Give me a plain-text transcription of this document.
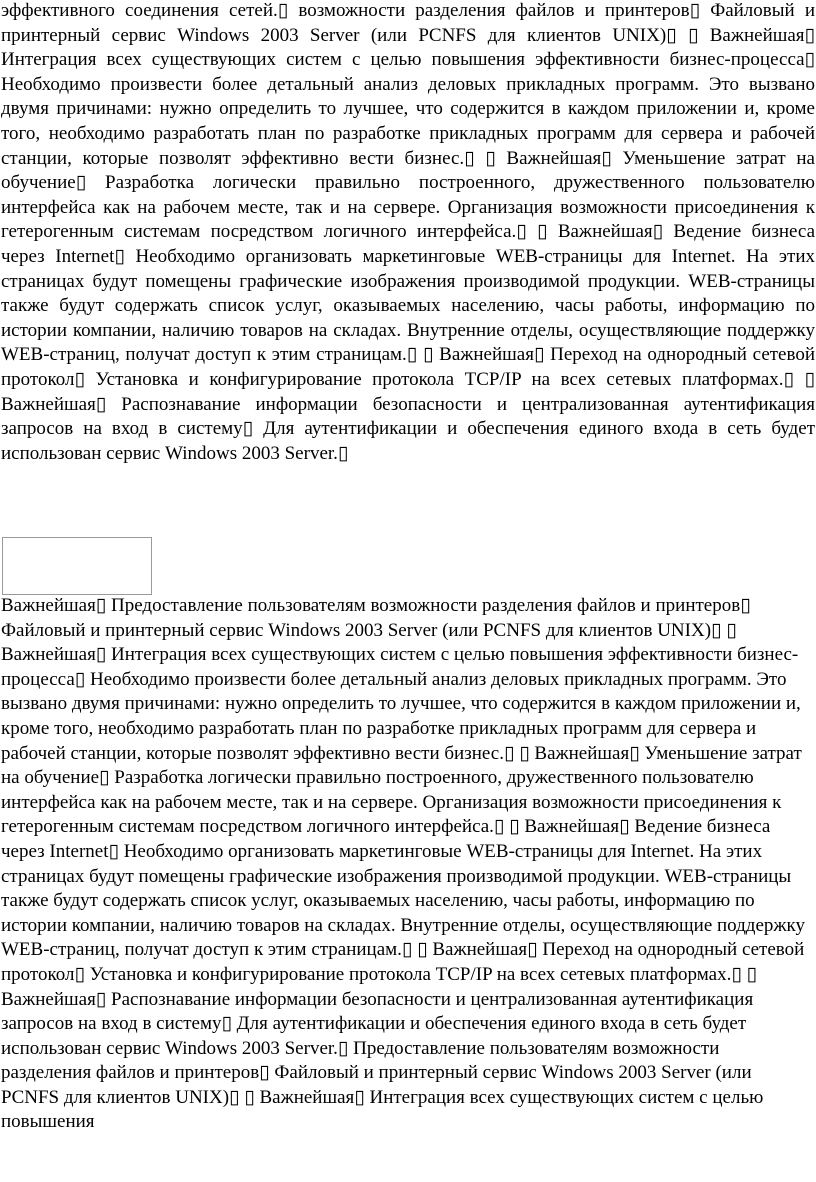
эффективного соединения сетей.▯ возможности разделения файлов и принтеров▯ Файловый и принтерный сервис Windows 2003 Server (или PCNFS для клиентов UNIX)▯ ▯ Важнейшая▯ Интеграция всех существующих систем с целью повышения эффективности бизнес-процесса▯ Необходимо произвести более детальный анализ деловых прикладных программ. Это вызвано двумя причинами: нужно определить то лучшее, что содержится в каждом приложении и, кроме того, необходимо разработать план по разработке прикладных программ для сервера и рабочей станции, которые позволят эффективно вести бизнес.▯ ▯ Важнейшая▯ Уменьшение затрат на обучение▯ Разработка логически правильно построенного, дружественного пользователю интерфейса как на рабочем месте, так и на сервере. Организация возможности присоединения к гетерогенным системам посредством логичного интерфейса.▯ ▯ Важнейшая▯ Ведение бизнеса через Internet▯ Необходимо организовать маркетинговые WEB-страницы для Internet. На этих страницах будут помещены графические изображения производимой продукции. WEB-страницы также будут содержать список услуг, оказываемых населению, часы работы, информацию по истории компании, наличию товаров на складах. Внутренние отделы, осуществляющие поддержку WEB-страниц, получат доступ к этим страницам.▯ ▯ Важнейшая▯ Переход на однородный сетевой протокол▯ Установка и конфигурирование протокола TCP/IP на всех сетевых платформах.▯ ▯ Важнейшая▯ Распознавание информации безопасности и централизованная аутентификация запросов на вход в систему▯ Для аутентификации и обеспечения единого входа в сеть будет использован сервис Windows 2003 Server.▯

Важнейшая▯ Предоставление пользователям возможности разделения файлов и принтеров▯ Файловый и принтерный сервис Windows 2003 Server (или PCNFS для клиентов UNIX)▯ ▯ Важнейшая▯ Интеграция всех существующих систем с целью повышения эффективности бизнес-процесса▯ Необходимо произвести более детальный анализ деловых прикладных программ. Это вызвано двумя причинами: нужно определить то лучшее, что содержится в каждом приложении и, кроме того, необходимо разработать план по разработке прикладных программ для сервера и рабочей станции, которые позволят эффективно вести бизнес.▯ ▯ Важнейшая▯ Уменьшение затрат на обучение▯ Разработка логически правильно построенного, дружественного пользователю интерфейса как на рабочем месте, так и на сервере. Организация возможности присоединения к гетерогенным системам посредством логичного интерфейса.▯ ▯ Важнейшая▯ Ведение бизнеса через Internet▯ Необходимо организовать маркетинговые WEB-страницы для Internet. На этих страницах будут помещены графические изображения производимой продукции. WEB-страницы также будут содержать список услуг, оказываемых населению, часы работы, информацию по истории компании, наличию товаров на складах. Внутренние отделы, осуществляющие поддержку WEB-страниц, получат доступ к этим страницам.▯ ▯ Важнейшая▯ Переход на однородный сетевой протокол▯ Установка и конфигурирование протокола TCP/IP на всех сетевых платформах.▯ ▯ Важнейшая▯ Распознавание информации безопасности и централизованная аутентификация запросов на вход в систему▯ Для аутентификации и обеспечения единого входа в сеть будет использован сервис Windows 2003 Server.▯ Предоставление пользователям возможности разделения файлов и принтеров▯ Файловый и принтерный сервис Windows 2003 Server (или PCNFS для клиентов UNIX)▯ ▯ Важнейшая▯ Интеграция всех существующих систем с целью повышения
